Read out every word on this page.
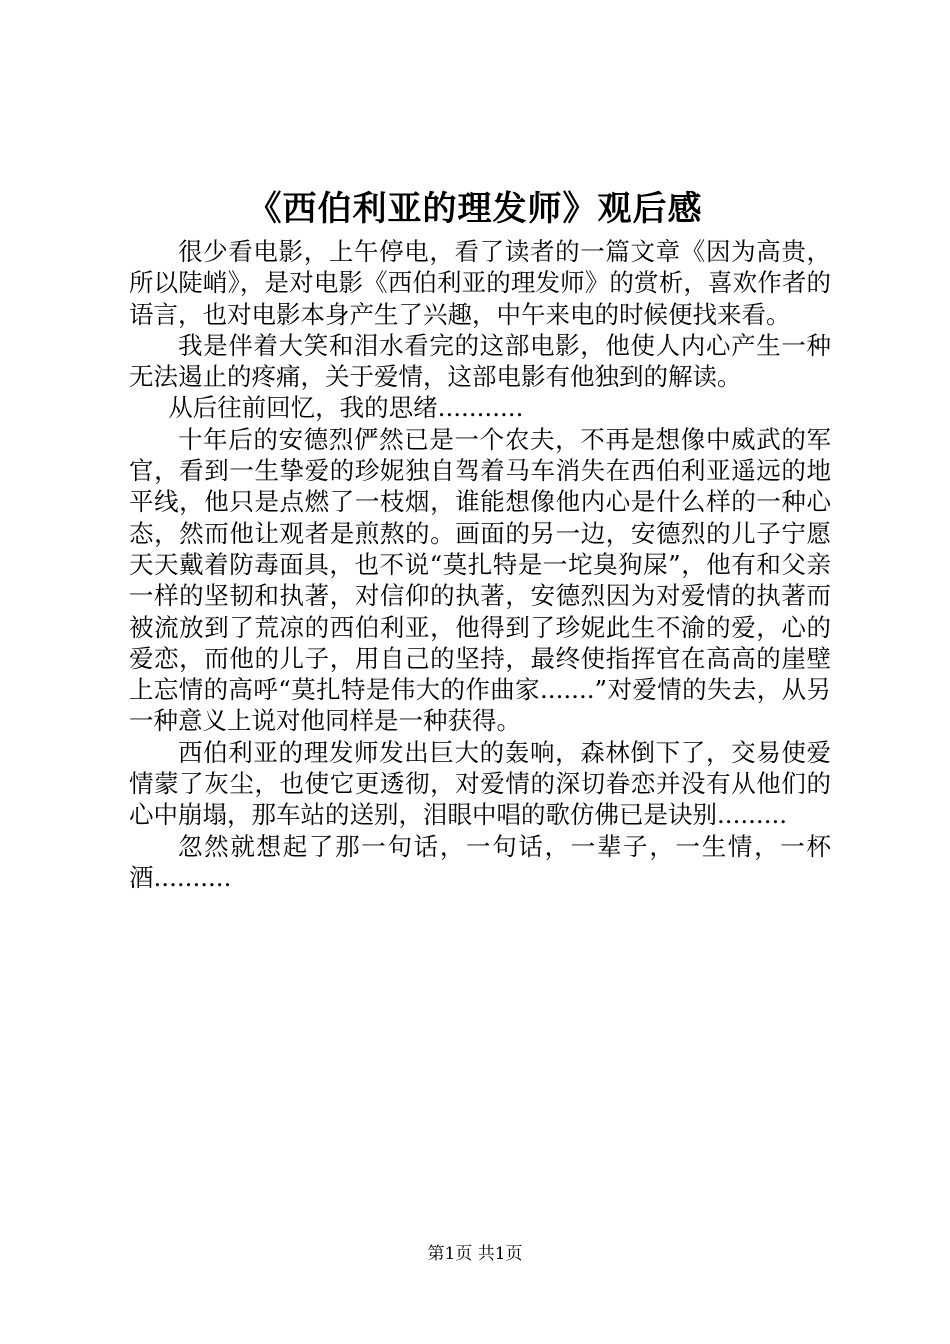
《西伯利亚的理发师》观后感

很少看电影，上午停电，看了读者的一篇文章《因为高贵，所以陡峭》，是对电影《西伯利亚的理发师》的赏析，喜欢作者的语言，也对电影本身产生了兴趣，中午来电的时候便找来看。

我是伴着大笑和泪水看完的这部电影，他使人内心产生一种无法遏止的疼痛，关于爱情，这部电影有他独到的解读。

从后往前回忆，我的思绪...........

十年后的安德烈俨然已是一个农夫，不再是想像中威武的军官，看到一生挚爱的珍妮独自驾着马车消失在西伯利亚遥远的地平线，他只是点燃了一枝烟，谁能想像他内心是什么样的一种心态，然而他让观者是煎熬的。画面的另一边，安德烈的儿子宁愿天天戴着防毒面具，也不说“莫扎特是一坨臭狗屎”，他有和父亲一样的坚韧和执著，对信仰的执著，安德烈因为对爱情的执著而被流放到了荒凉的西伯利亚，他得到了珍妮此生不渝的爱，心的爱恋，而他的儿子，用自己的坚持，最终使指挥官在高高的崖壁上忘情的高呼“莫扎特是伟大的作曲家.......”对爱情的失去，从另一种意义上说对他同样是一种获得。

西伯利亚的理发师发出巨大的轰响，森林倒下了，交易使爱情蒙了灰尘，也使它更透彻，对爱情的深切眷恋并没有从他们的心中崩塌，那车站的送别，泪眼中唱的歌仿佛已是诀别.........

忽然就想起了那一句话，一句话，一辈子，一生情，一杯酒..........

第1页 共1页
